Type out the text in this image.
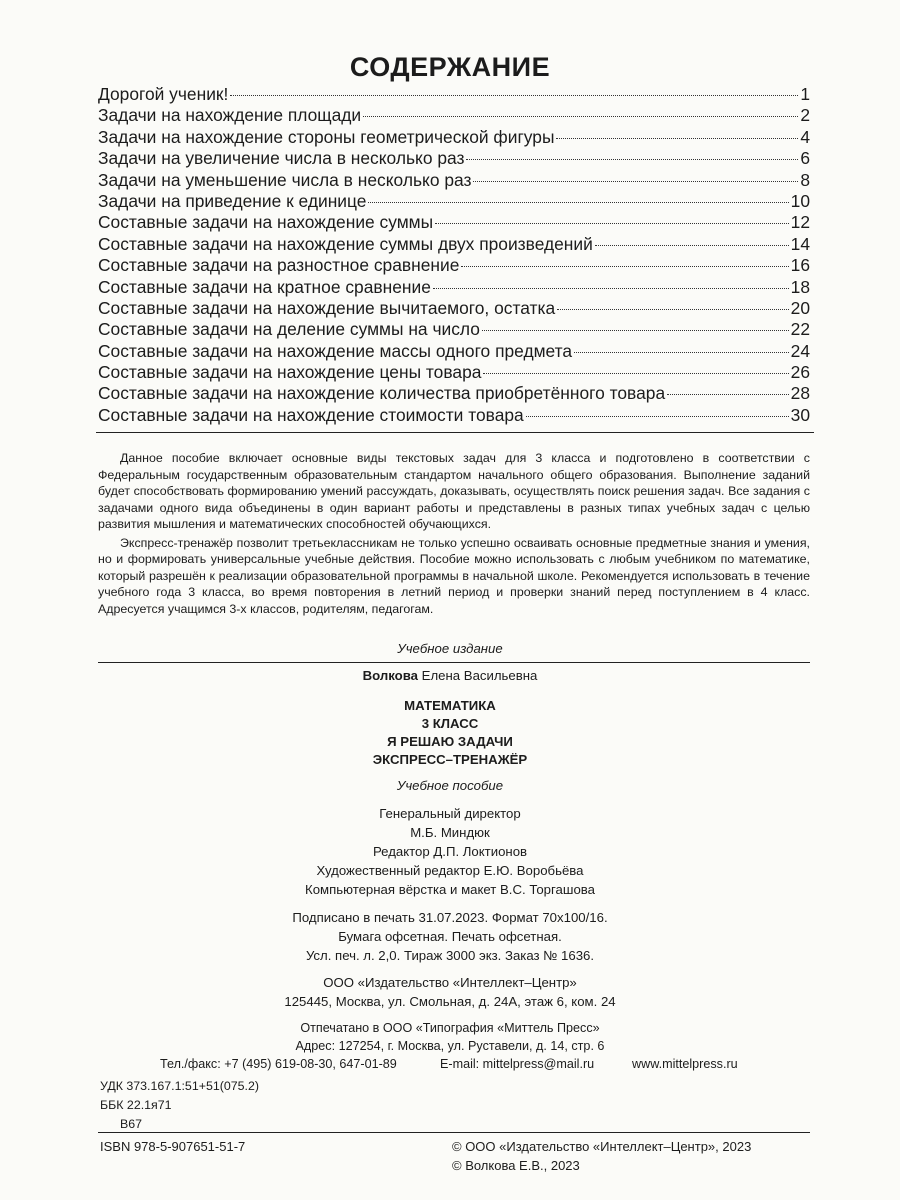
СОДЕРЖАНИЕ
Дорогой ученик!	1
Задачи на нахождение площади	2
Задачи на нахождение стороны геометрической фигуры	4
Задачи на увеличение числа в несколько раз	6
Задачи на уменьшение числа в несколько раз	8
Задачи на приведение к единице	10
Составные задачи на нахождение суммы	12
Составные задачи на нахождение суммы двух произведений	14
Составные задачи на разностное сравнение	16
Составные задачи на кратное сравнение	18
Составные задачи на нахождение вычитаемого, остатка	20
Составные задачи на деление суммы на число	22
Составные задачи на нахождение массы одного предмета	24
Составные задачи на нахождение цены товара	26
Составные задачи на нахождение количества приобретённого товара	28
Составные задачи на нахождение стоимости товара	30

Данное пособие включает основные виды текстовых задач для 3 класса и подготовлено в соответствии с Федеральным государственным образовательным стандартом начального общего образования. Выполнение заданий будет способствовать формированию умений рассуждать, доказывать, осуществлять поиск решения задач. Все задания с задачами одного вида объединены в один вариант работы и представлены в разных типах учебных задач с целью развития мышления и математических способностей обучающихся.

Экспресс-тренажёр позволит третьеклассникам не только успешно осваивать основные предметные знания и умения, но и формировать универсальные учебные действия. Пособие можно использовать с любым учебником по математике, который разрешён к реализации образовательной программы в начальной школе. Рекомендуется использовать в течение учебного года 3 класса, во время повторения в летний период и проверки знаний перед поступлением в 4 класс. Адресуется учащимся 3-х классов, родителям, педагогам.

Учебное издание
Волкова Елена Васильевна
МАТЕМАТИКА
3 КЛАСС
Я РЕШАЮ ЗАДАЧИ
ЭКСПРЕСС–ТРЕНАЖЁР
Учебное пособие
Генеральный директор
М.Б. Миндюк
Редактор Д.П. Локтионов
Художественный редактор Е.Ю. Воробьёва
Компьютерная вёрстка и макет В.С. Торгашова
Подписано в печать 31.07.2023. Формат 70х100/16.
Бумага офсетная. Печать офсетная.
Усл. печ. л. 2,0. Тираж 3000 экз. Заказ № 1636.
ООО «Издательство «Интеллект–Центр»
125445, Москва, ул. Смольная, д. 24А, этаж 6, ком. 24
Отпечатано в ООО «Типография «Миттель Пресс»
Адрес: 127254, г. Москва, ул. Руставели, д. 14, стр. 6
Тел./факс: +7 (495) 619-08-30, 647-01-89	E-mail: mittelpress@mail.ru	www.mittelpress.ru
УДК 373.167.1:51+51(075.2)
ББК 22.1я71
В67
ISBN 978-5-907651-51-7	© ООО «Издательство «Интеллект–Центр», 2023
© Волкова Е.В., 2023
